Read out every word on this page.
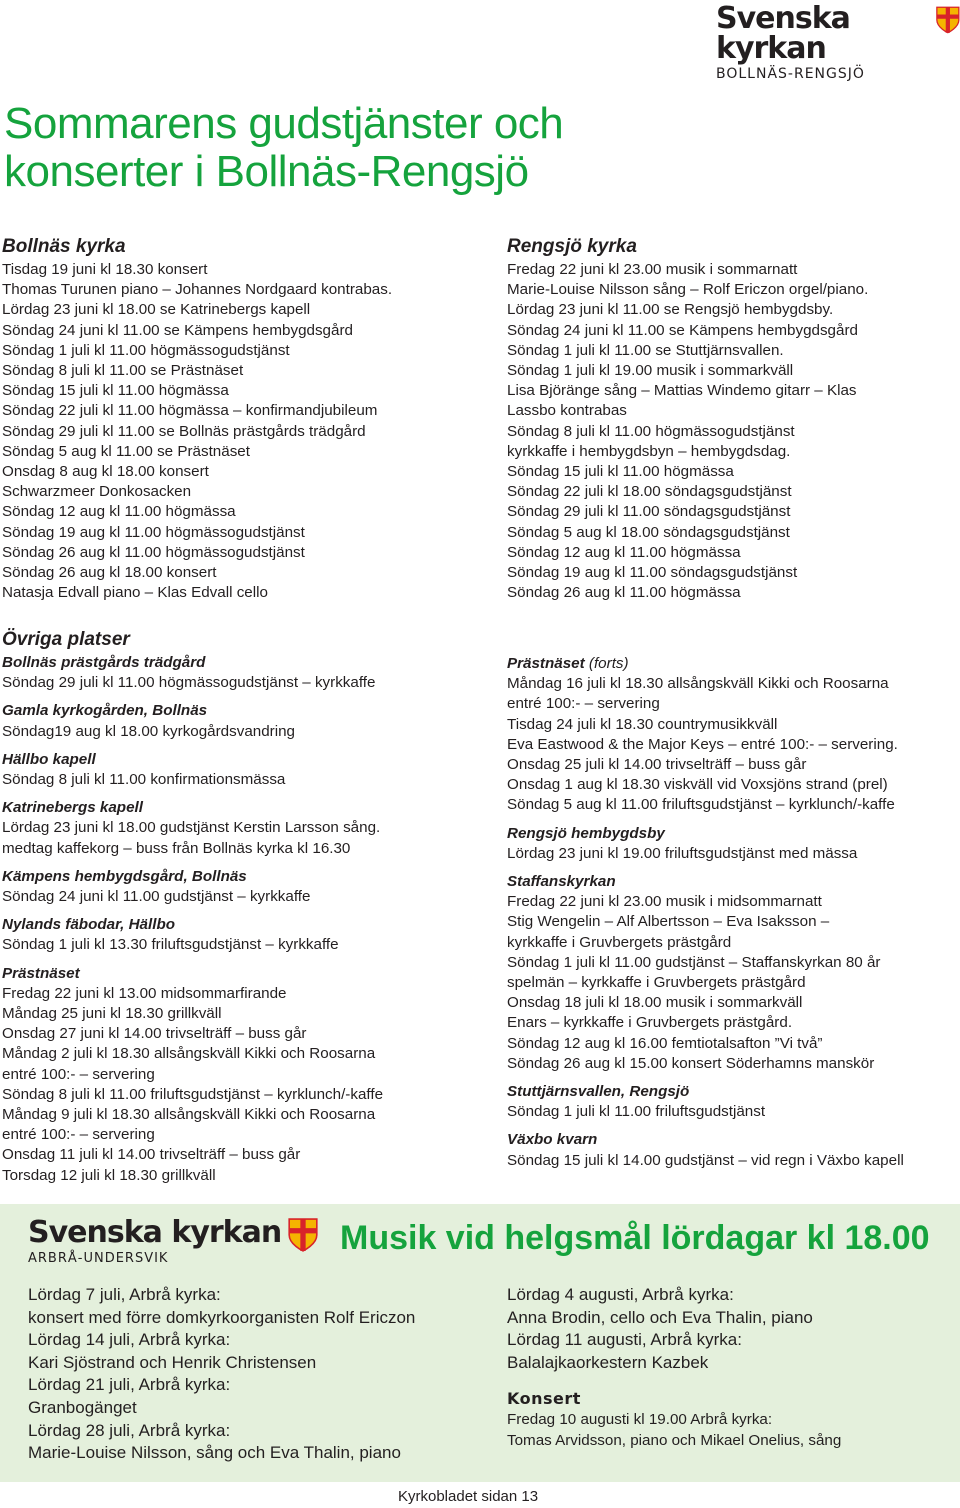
Svenska kyrkan
BOLLNÄS-RENGSJÖ
Sommarens gudstjänster och
konserter i Bollnäs-Rengsjö
Bollnäs kyrka
Tisdag 19 juni kl 18.30 konsert
Thomas Turunen piano – Johannes Nordgaard kontrabas.
Lördag 23 juni kl 18.00 se Katrinebergs kapell
Söndag 24 juni kl 11.00 se Kämpens hembygdsgård
Söndag 1 juli kl 11.00 högmässogudstjänst
Söndag 8 juli kl 11.00 se Prästnäset
Söndag 15 juli kl 11.00 högmässa
Söndag 22 juli kl 11.00 högmässa – konfirmandjubileum
Söndag 29 juli kl 11.00 se Bollnäs prästgårds trädgård
Söndag 5 aug kl 11.00 se Prästnäset
Onsdag 8 aug kl 18.00 konsert
Schwarzmeer Donkosacken
Söndag 12 aug kl 11.00 högmässa
Söndag 19 aug kl 11.00 högmässogudstjänst
Söndag 26 aug kl 11.00 högmässogudstjänst
Söndag 26 aug kl 18.00 konsert
Natasja Edvall piano – Klas Edvall cello
Rengsjö kyrka
Fredag 22 juni kl 23.00 musik i sommarnatt
Marie-Louise Nilsson sång – Rolf Ericzon orgel/piano.
Lördag 23 juni kl 11.00 se Rengsjö hembygdsby.
Söndag 24 juni kl 11.00 se Kämpens hembygdsgård
Söndag 1 juli kl 11.00 se Stuttjärnsvallen.
Söndag 1 juli kl 19.00 musik i sommarkväll
Lisa Björänge sång – Mattias Windemo gitarr – Klas
Lassbo kontrabas
Söndag 8 juli kl 11.00 högmässogudstjänst
kyrkkaffe i hembygdsbyn – hembygdsdag.
Söndag 15 juli kl 11.00 högmässa
Söndag 22 juli kl 18.00 söndagsgudstjänst
Söndag 29 juli kl 11.00 söndagsgudstjänst
Söndag 5 aug kl 18.00 söndagsgudstjänst
Söndag 12 aug kl 11.00 högmässa
Söndag 19 aug kl 11.00 söndagsgudstjänst
Söndag 26 aug kl 11.00 högmässa
Övriga platser
Bollnäs prästgårds trädgård
Söndag 29 juli kl 11.00 högmässogudstjänst – kyrkkaffe
Gamla kyrkogården, Bollnäs
Söndag19 aug kl 18.00 kyrkogårdsvandring
Hällbo kapell
Söndag 8 juli kl 11.00 konfirmationsmässa
Katrinebergs kapell
Lördag 23 juni kl 18.00 gudstjänst Kerstin Larsson sång.
medtag kaffekorg – buss från Bollnäs kyrka kl 16.30
Kämpens hembygdsgård, Bollnäs
Söndag 24 juni kl 11.00 gudstjänst – kyrkkaffe
Nylands fäbodar, Hällbo
Söndag 1 juli kl 13.30 friluftsgudstjänst – kyrkkaffe
Prästnäset
Fredag 22 juni kl 13.00 midsommarfirande
Måndag 25 juni kl 18.30 grillkväll
Onsdag 27 juni kl 14.00 trivselträff – buss går
Måndag 2 juli kl 18.30 allsångskväll Kikki och Roosarna
entré 100:- – servering
Söndag 8 juli kl 11.00 friluftsgudstjänst – kyrklunch/-kaffe
Måndag 9 juli kl 18.30 allsångskväll Kikki och Roosarna
entré 100:- – servering
Onsdag 11 juli kl 14.00 trivselträff – buss går
Torsdag 12 juli kl 18.30 grillkväll
Prästnäset (forts)
Måndag 16 juli kl 18.30 allsångskväll Kikki och Roosarna
entré 100:- – servering
Tisdag 24 juli kl 18.30 countrymusikkväll
Eva Eastwood & the Major Keys – entré 100:- – servering.
Onsdag 25 juli kl 14.00 trivselträff – buss går
Onsdag 1 aug kl 18.30 viskväll vid Voxsjöns strand (prel)
Söndag 5 aug kl 11.00 friluftsgudstjänst – kyrklunch/-kaffe
Rengsjö hembygdsby
Lördag 23 juni kl 19.00 friluftsgudstjänst med mässa
Staffanskyrkan
Fredag 22 juni kl 23.00 musik i midsommarnatt
Stig Wengelin – Alf Albertsson – Eva Isaksson –
kyrkkaffe i Gruvbergets prästgård
Söndag 1 juli kl 11.00 gudstjänst – Staffanskyrkan 80 år
spelmän – kyrkkaffe i Gruvbergets prästgård
Onsdag 18 juli kl 18.00 musik i sommarkväll
Enars – kyrkkaffe i Gruvbergets prästgård.
Söndag 12 aug kl 16.00 femtiotalsafton ”Vi två”
Söndag 26 aug kl 15.00 konsert Söderhamns manskör
Stuttjärnsvallen, Rengsjö
Söndag 1 juli kl 11.00 friluftsgudstjänst
Växbo kvarn
Söndag 15 juli kl 14.00 gudstjänst – vid regn i Växbo kapell
Svenska kyrkan
ARBRÅ-UNDERSVIK
Musik vid helgsmål lördagar kl 18.00
Lördag 7 juli, Arbrå kyrka:
konsert med förre domkyrkoorganisten Rolf Ericzon
Lördag 14 juli, Arbrå kyrka:
Kari Sjöstrand och Henrik Christensen
Lördag 21 juli, Arbrå kyrka:
Granbogänget
Lördag 28 juli, Arbrå kyrka:
Marie-Louise Nilsson, sång och Eva Thalin, piano
Lördag 4 augusti, Arbrå kyrka:
Anna Brodin, cello och Eva Thalin, piano
Lördag 11 augusti, Arbrå kyrka:
Balalajkaorkestern Kazbek
Konsert
Fredag 10 augusti kl 19.00 Arbrå kyrka:
Tomas Arvidsson, piano och Mikael Onelius, sång
Kyrkobladet sidan 13
